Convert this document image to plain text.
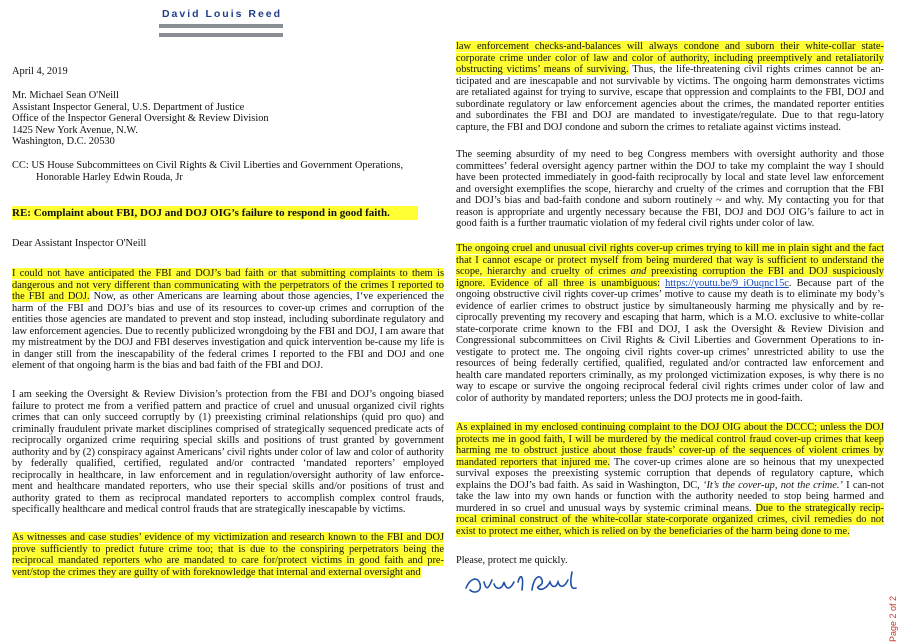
David Louis Reed
April 4, 2019
Mr. Michael Sean O'Neill
Assistant Inspector General, U.S. Department of Justice
Office of the Inspector General Oversight & Review Division
1425 New York Avenue, N.W.
Washington, D.C. 20530
CC: US House Subcommittees on Civil Rights & Civil Liberties and Government Operations,
Honorable Harley Edwin Rouda, Jr
RE: Complaint about FBI, DOJ and DOJ OIG’s failure to respond in good faith.
Dear Assistant Inspector O'Neill
I could not have anticipated the FBI and DOJ’s bad faith or that submitting complaints to them is dangerous and not very different than communicating with the perpetrators of the crimes I reported to the FBI and DOJ. Now, as other Americans are learning about those agencies, I‘ve experienced the harm of the FBI and DOJ’s bias and use of its resources to cover-up crimes and corruption of the entities those agencies are mandated to prevent and stop instead, including subordinate regulatory and law enforcement agencies. Due to recently publicized wrongdoing by the FBI and DOJ, I am aware that my mistreatment by the DOJ and FBI deserves investigation and quick intervention be-cause my life is in danger still from the inescapability of the federal crimes I reported to the FBI and DOJ and one element of that ongoing harm is the bias and bad faith of the FBI and DOJ.
I am seeking the Oversight & Review Division’s protection from the FBI and DOJ’s ongoing biased failure to protect me from a verified pattern and practice of cruel and unusual organized civil rights crimes that can only succeed corruptly by (1) preexisting criminal relationships (quid pro quo) and criminally fraudulent private market disciplines comprised of strategically sequenced predicate acts of reciprocally organized crime requiring special skills and positions of trust granted by government authority and by (2) conspiracy against Americans’ civil rights under color of law and color of authority by federally qualified, certified, regulated and/or contracted ‘mandated reporters’ employed reciprocally in healthcare, in law enforcement and in regulation/oversight authority of law enforce-ment and healthcare mandated reporters, who use their special skills and/or positions of trust and authority grated to them as reciprocal mandated reporters to accomplish complex control frauds, specifically healthcare and medical control frauds that are strategically inescapable by victims.
As witnesses and case studies’ evidence of my victimization and research known to the FBI and DOJ prove sufficiently to predict future crime too; that is due to the conspiring perpetrators being the reciprocal mandated reporters who are mandated to care for/protect victims in good faith and pre-vent/stop the crimes they are guilty of with foreknowledge that internal and external oversight and
law enforcement checks-and-balances will always condone and suborn their white-collar state-corporate crime under color of law and color of authority, including preemptively and retaliatorily obstructing victims’ means of surviving. Thus, the life-threatening civil rights crimes cannot be an-ticipated and are inescapable and not survivable by victims. The ongoing harm demonstrates victims are retaliated against for trying to survive, escape that oppression and complaints to the FBI, DOJ and subordinate regulatory or law enforcement agencies about the crimes, the mandated reporter entities and subordinates the FBI and DOJ are mandated to investigate/regulate. Due to that regu-latory capture, the FBI and DOJ condone and suborn the crimes to retaliate against victims instead.
The seeming absurdity of my need to beg Congress members with oversight authority and those committees’ federal oversight agency partner within the DOJ to take my complaint the way I should have been protected immediately in good-faith reciprocally by local and state level law enforcement and oversight exemplifies the scope, hierarchy and cruelty of the crimes and corruption that the FBI and DOJ’s bias and bad-faith condone and suborn routinely ~ and why. My contacting you for that reason is appropriate and urgently necessary because the FBI, DOJ and DOJ OIG’s failure to act in good faith is a further traumatic violation of my federal civil rights under color of law.
The ongoing cruel and unusual civil rights cover-up crimes trying to kill me in plain sight and the fact that I cannot escape or protect myself from being murdered that way is sufficient to understand the scope, hierarchy and cruelty of crimes and preexisting corruption the FBI and DOJ suspiciously ignore. Evidence of all three is unambiguous: https://youtu.be/9_iOuqnc15c. Because part of the ongoing obstructive civil rights cover-up crimes’ motive to cause my death is to eliminate my body’s evidence of earlier crimes to obstruct justice by simultaneously harming me physically and by re-ciprocally preventing my recovery and escaping that harm, which is a M.O. exclusive to white-collar state-corporate crime known to the FBI and DOJ, I ask the Oversight & Review Division and Congressional subcommittees on Civil Rights & Civil Liberties and Government Operations to in-vestigate to protect me. The ongoing civil rights cover-up crimes’ unrestricted ability to use the resources of being federally certified, qualified, regulated and/or contracted law enforcement and health care mandated reporters criminally, as my prolonged victimization exposes, is why there is no way to escape or survive the ongoing reciprocal federal civil rights crimes under color of law and color of authority by mandated reporters; unless the DOJ protects me in good-faith.
As explained in my enclosed continuing complaint to the DOJ OIG about the DCCC; unless the DOJ protects me in good faith, I will be murdered by the medical control fraud cover-up crimes that keep harming me to obstruct justice about those frauds’ cover-up of the sequences of violent crimes by mandated reporters that injured me. The cover-up crimes alone are so heinous that my unexpected survival exposes the preexisting systemic corruption that depends of regulatory capture, which explains the DOJ’s bad faith. As said in Washington, DC, ‘It’s the cover-up, not the crime.’ I can-not take the law into my own hands or function with the authority needed to stop being harmed and murdered in so cruel and unusual ways by systemic criminal means. Due to the strategically recip-rocal criminal construct of the white-collar state-corporate organized crimes, civil remedies do not exist to protect me either, which is relied on by the beneficiaries of the harm being done to me.
Please, protect me quickly.
Page 2 of 2
